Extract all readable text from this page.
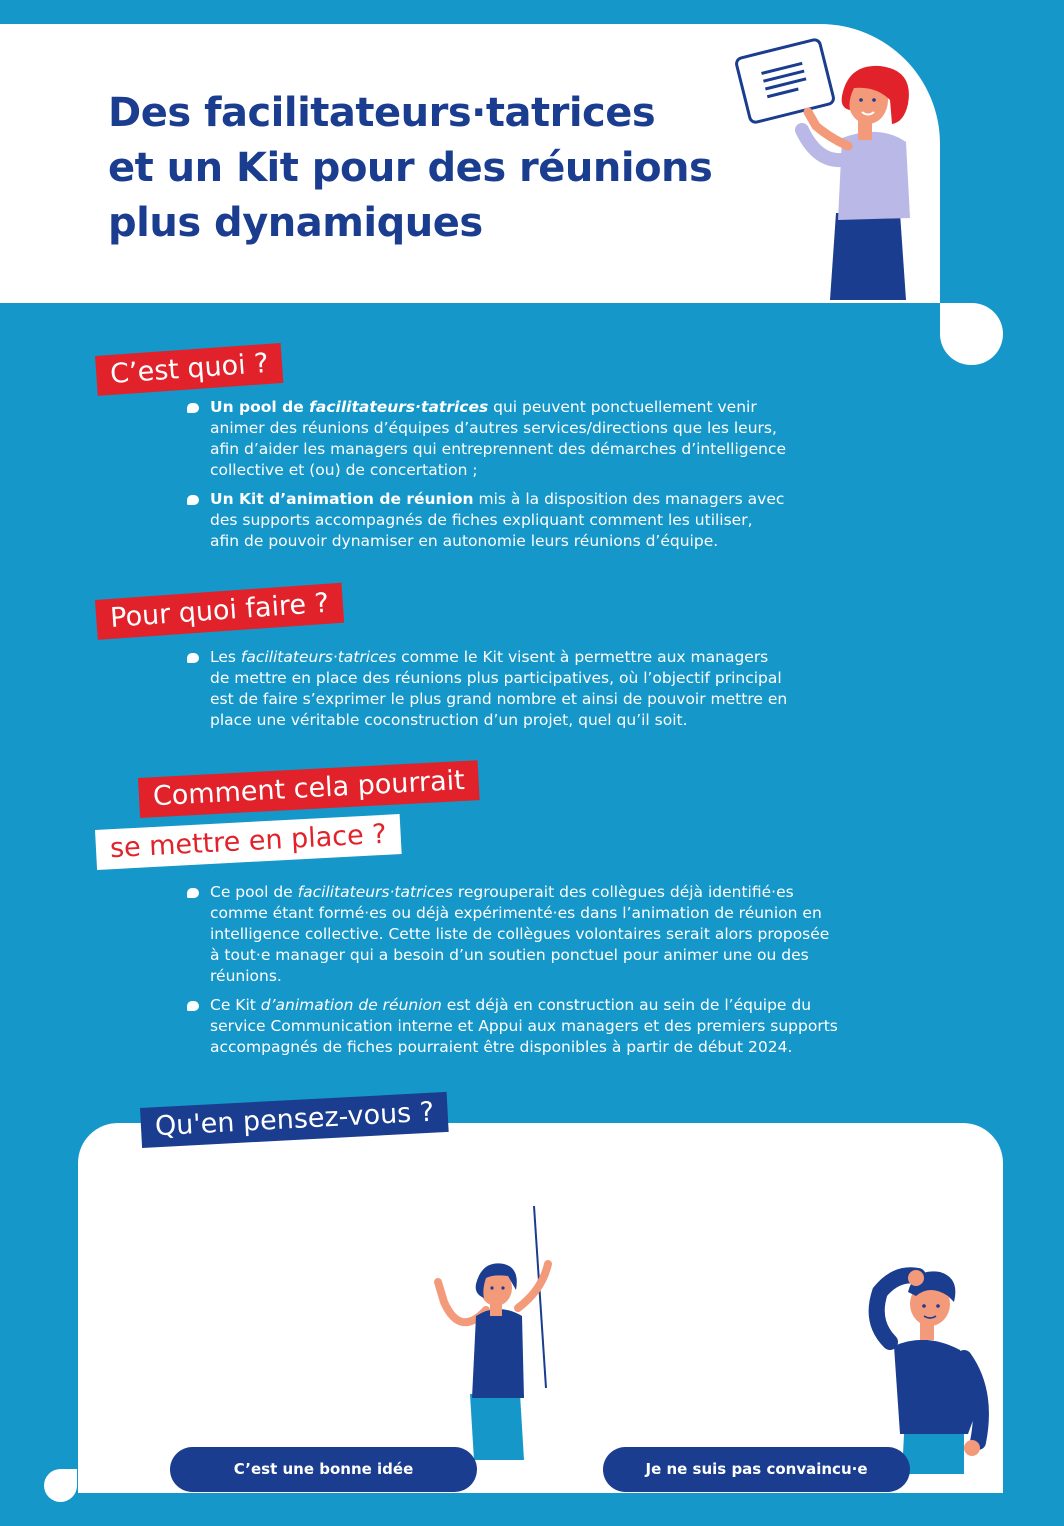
Des facilitateurs·tatrices
et un Kit pour des réunions
plus dynamiques
C’est quoi ?
Un pool de facilitateurs·tatrices qui peuvent ponctuellement venir
animer des réunions d’équipes d’autres services/directions que les leurs,
afin d’aider les managers qui entreprennent des démarches d’intelligence
collective et (ou) de concertation ;
Un Kit d’animation de réunion mis à la disposition des managers avec
des supports accompagnés de fiches expliquant comment les utiliser,
afin de pouvoir dynamiser en autonomie leurs réunions d’équipe.
Pour quoi faire ?
Les facilitateurs·tatrices comme le Kit visent à permettre aux managers
de mettre en place des réunions plus participatives, où l’objectif principal
est de faire s’exprimer le plus grand nombre et ainsi de pouvoir mettre en
place une véritable coconstruction d’un projet, quel qu’il soit.
Comment cela pourrait
se mettre en place ?
Ce pool de facilitateurs·tatrices regrouperait des collègues déjà identifié·es
comme étant formé·es ou déjà expérimenté·es dans l’animation de réunion en
intelligence collective. Cette liste de collègues volontaires serait alors proposée
à tout·e manager qui a besoin d’un soutien ponctuel pour animer une ou des
réunions.
Ce Kit d’animation de réunion est déjà en construction au sein de l’équipe du
service Communication interne et Appui aux managers et des premiers supports
accompagnés de fiches pourraient être disponibles à partir de début 2024.
Qu'en pensez-vous ?
C’est une bonne idée	Je ne suis pas convaincu·e
